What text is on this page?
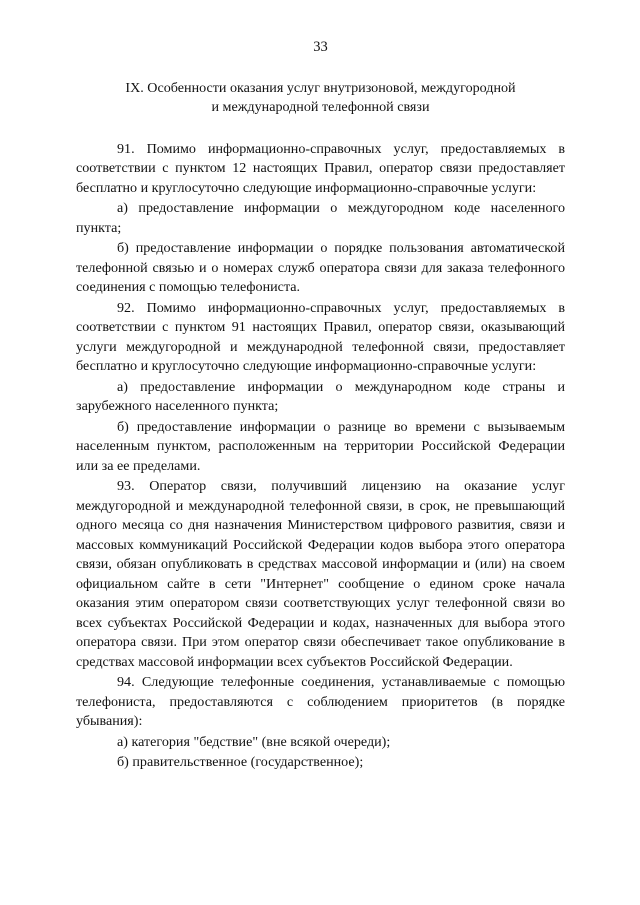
33
IX. Особенности оказания услуг внутризоновой, междугородной
и международной телефонной связи

91. Помимо информационно-справочных услуг, предоставляемых в соответствии с пунктом 12 настоящих Правил, оператор связи предоставляет бесплатно и круглосуточно следующие информационно-справочные услуги:

а) предоставление информации о междугородном коде населенного пункта;

б) предоставление информации о порядке пользования автоматической телефонной связью и о номерах служб оператора связи для заказа телефонного соединения с помощью телефониста.

92. Помимо информационно-справочных услуг, предоставляемых в соответствии с пунктом 91 настоящих Правил, оператор связи, оказывающий услуги междугородной и международной телефонной связи, предоставляет бесплатно и круглосуточно следующие информационно-справочные услуги:

а) предоставление информации о международном коде страны и зарубежного населенного пункта;

б) предоставление информации о разнице во времени с вызываемым населенным пунктом, расположенным на территории Российской Федерации или за ее пределами.

93. Оператор связи, получивший лицензию на оказание услуг междугородной и международной телефонной связи, в срок, не превышающий одного месяца со дня назначения Министерством цифрового развития, связи и массовых коммуникаций Российской Федерации кодов выбора этого оператора связи, обязан опубликовать в средствах массовой информации и (или) на своем официальном сайте в сети "Интернет" сообщение о едином сроке начала оказания этим оператором связи соответствующих услуг телефонной связи во всех субъектах Российской Федерации и кодах, назначенных для выбора этого оператора связи. При этом оператор связи обеспечивает такое опубликование в средствах массовой информации всех субъектов Российской Федерации.

94. Следующие телефонные соединения, устанавливаемые с помощью телефониста, предоставляются с соблюдением приоритетов (в порядке убывания):

а) категория "бедствие" (вне всякой очереди);

б) правительственное (государственное);
